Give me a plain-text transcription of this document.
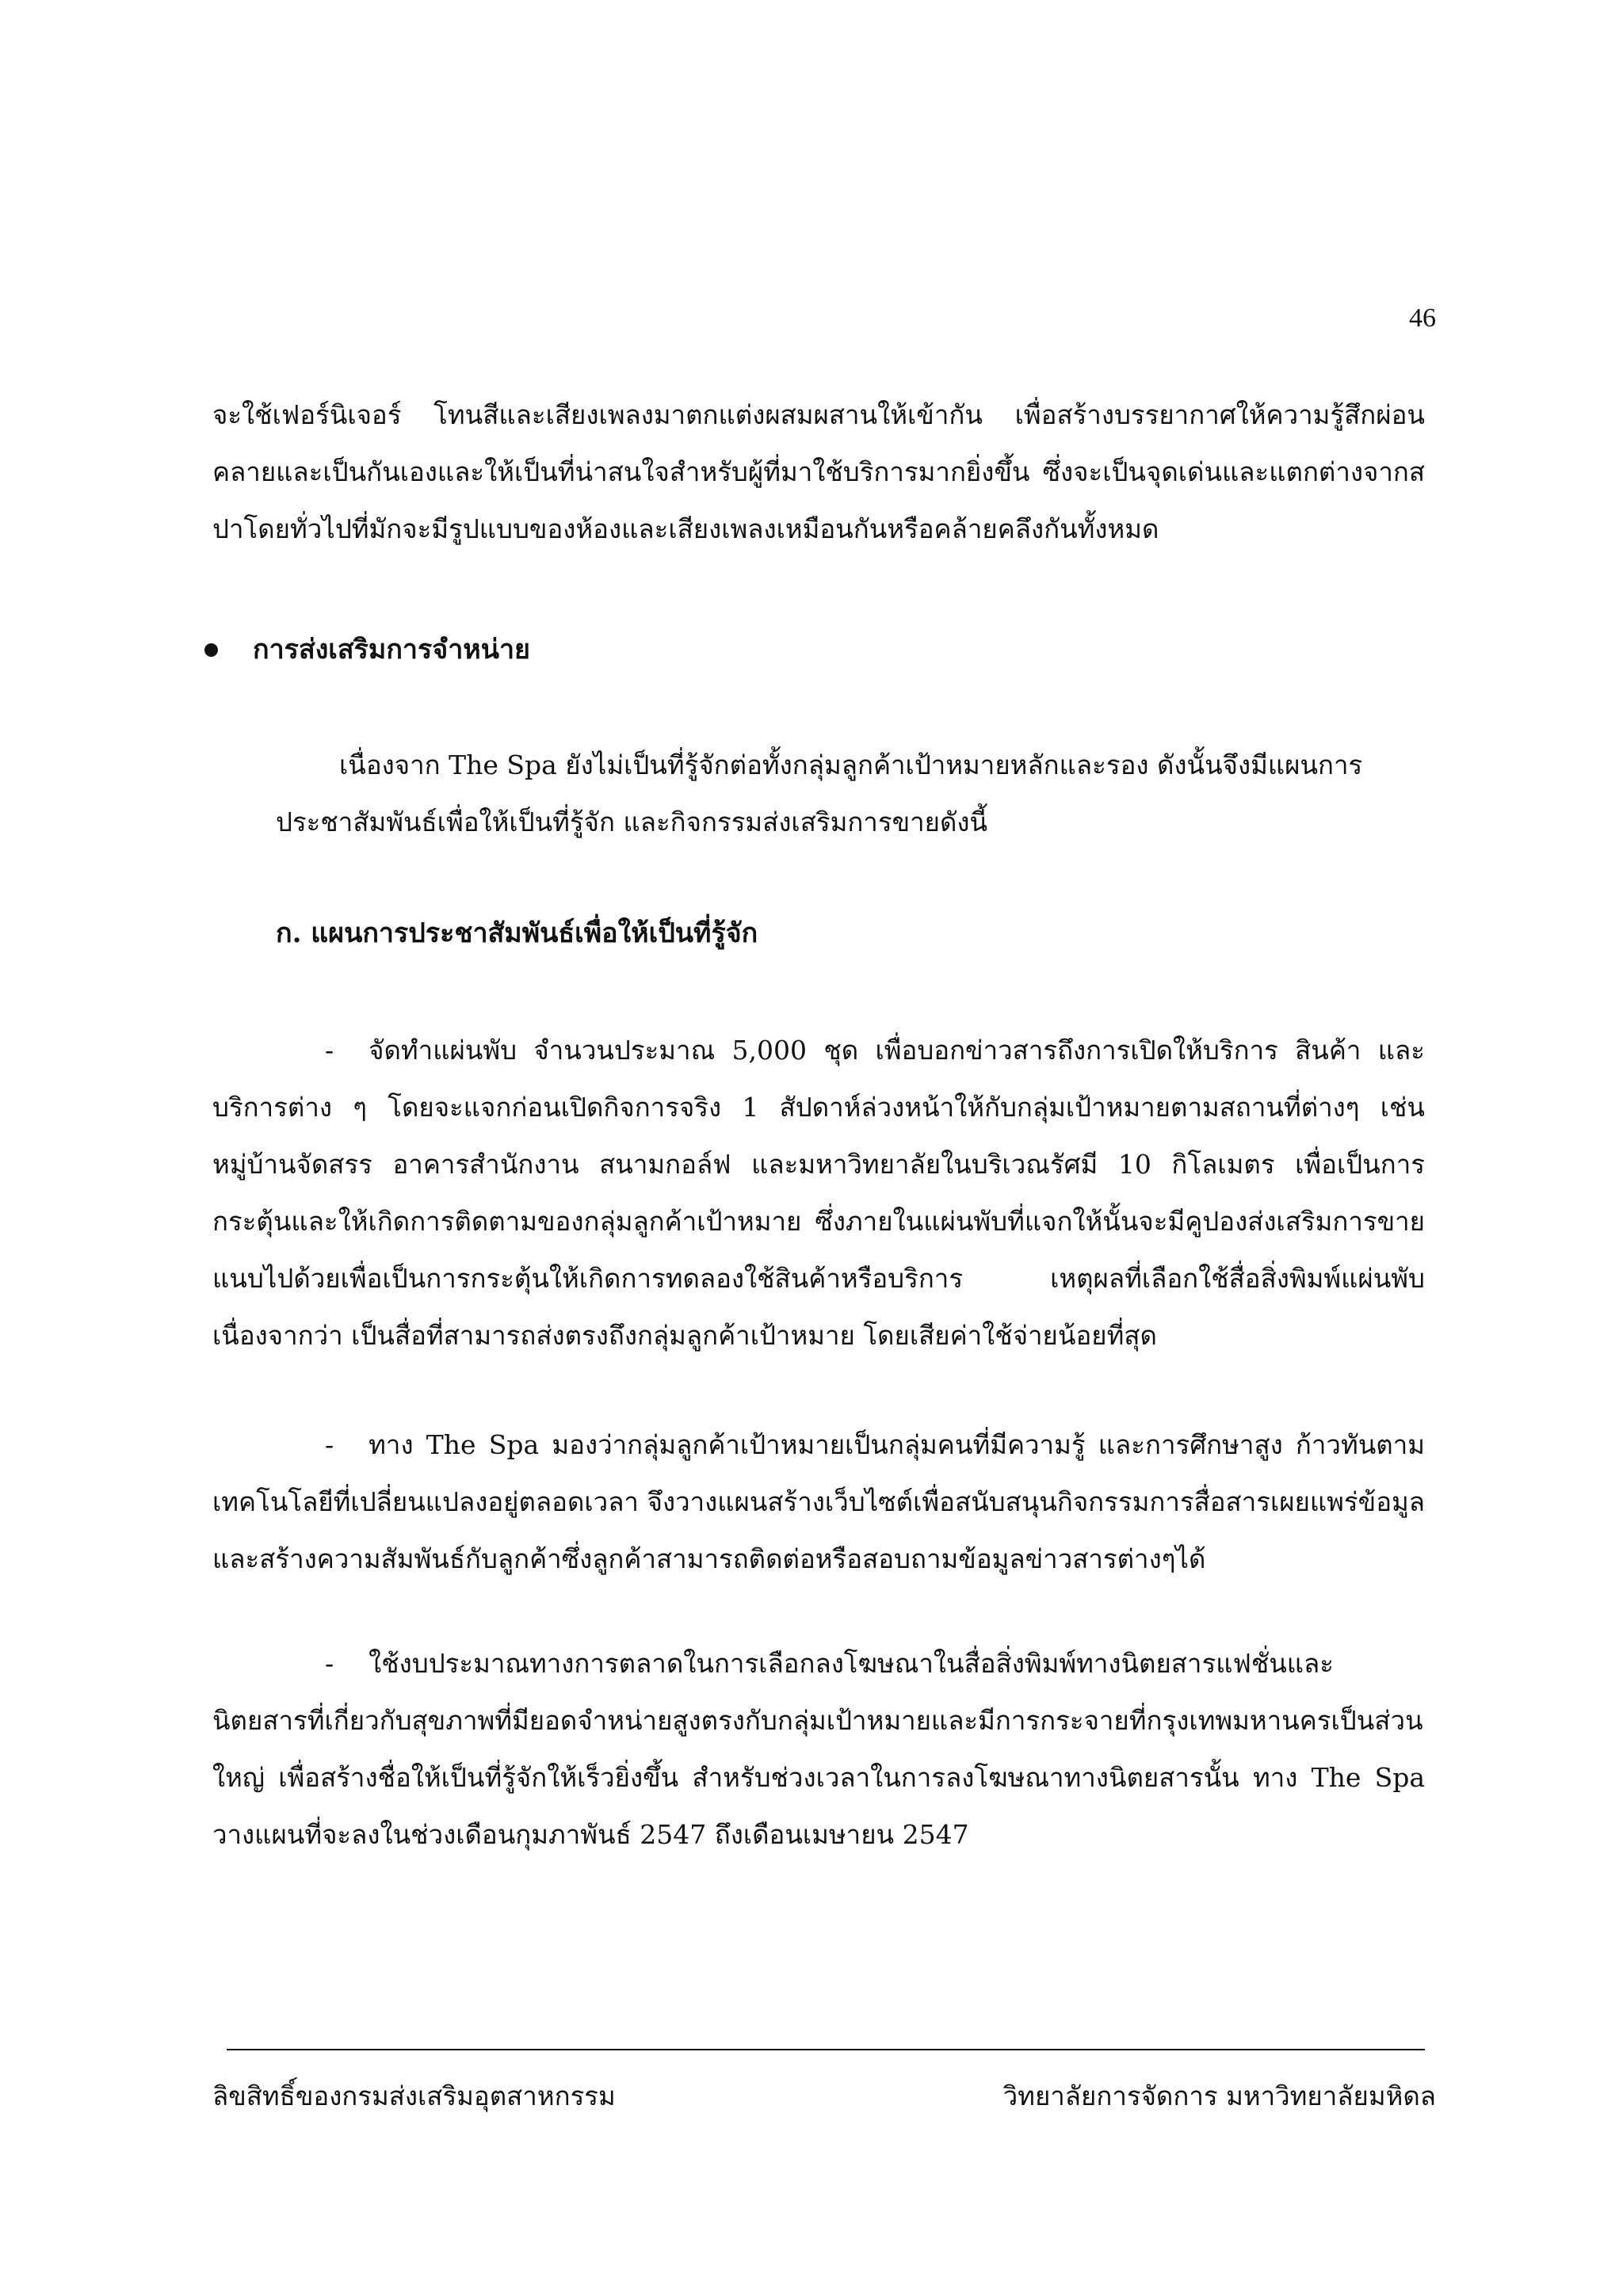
46
จะใช้เฟอร์นิเจอร์ โทนสีและเสียงเพลงมาตกแต่งผสมผสานให้เข้ากัน เพื่อสร้างบรรยากาศให้ความรู้สึกผ่อนคลายและเป็นกันเองและให้เป็นที่น่าสนใจสำหรับผู้ที่มาใช้บริการมากยิ่งขึ้น ซึ่งจะเป็นจุดเด่นและแตกต่างจากสปาโดยทั่วไปที่มักจะมีรูปแบบของห้องและเสียงเพลงเหมือนกันหรือคล้ายคลึงกันทั้งหมด
การส่งเสริมการจำหน่าย
เนื่องจาก The Spa ยังไม่เป็นที่รู้จักต่อทั้งกลุ่มลูกค้าเป้าหมายหลักและรอง ดังนั้นจึงมีแผนการประชาสัมพันธ์เพื่อให้เป็นที่รู้จัก และกิจกรรมส่งเสริมการขายดังนี้
ก. แผนการประชาสัมพันธ์เพื่อให้เป็นที่รู้จัก
- จัดทำแผ่นพับ จำนวนประมาณ 5,000 ชุด เพื่อบอกข่าวสารถึงการเปิดให้บริการ สินค้า และบริการต่าง ๆ โดยจะแจกก่อนเปิดกิจการจริง 1 สัปดาห์ล่วงหน้าให้กับกลุ่มเป้าหมายตามสถานที่ต่างๆ เช่น หมู่บ้านจัดสรร อาคารสำนักงาน สนามกอล์ฟ และมหาวิทยาลัยในบริเวณรัศมี 10 กิโลเมตร เพื่อเป็นการกระตุ้นและให้เกิดการติดตามของกลุ่มลูกค้าเป้าหมาย ซึ่งภายในแผ่นพับที่แจกให้นั้นจะมีคูปองส่งเสริมการขายแนบไปด้วยเพื่อเป็นการกระตุ้นให้เกิดการทดลองใช้สินค้าหรือบริการ เหตุผลที่เลือกใช้สื่อสิ่งพิมพ์แผ่นพับเนื่องจากว่า เป็นสื่อที่สามารถส่งตรงถึงกลุ่มลูกค้าเป้าหมาย โดยเสียค่าใช้จ่ายน้อยที่สุด
- ทาง The Spa มองว่ากลุ่มลูกค้าเป้าหมายเป็นกลุ่มคนที่มีความรู้ และการศึกษาสูง ก้าวทันตามเทคโนโลยีที่เปลี่ยนแปลงอยู่ตลอดเวลา จึงวางแผนสร้างเว็บไซต์เพื่อสนับสนุนกิจกรรมการสื่อสารเผยแพร่ข้อมูลและสร้างความสัมพันธ์กับลูกค้าซึ่งลูกค้าสามารถติดต่อหรือสอบถามข้อมูลข่าวสารต่างๆได้
- ใช้งบประมาณทางการตลาดในการเลือกลงโฆษณาในสื่อสิ่งพิมพ์ทางนิตยสารแฟชั่นและนิตยสารที่เกี่ยวกับสุขภาพที่มียอดจำหน่ายสูงตรงกับกลุ่มเป้าหมายและมีการกระจายที่กรุงเทพมหานครเป็นส่วนใหญ่ เพื่อสร้างชื่อให้เป็นที่รู้จักให้เร็วยิ่งขึ้น สำหรับช่วงเวลาในการลงโฆษณาทางนิตยสารนั้น ทาง The Spa วางแผนที่จะลงในช่วงเดือนกุมภาพันธ์ 2547 ถึงเดือนเมษายน 2547
ลิขสิทธิ์ของกรมส่งเสริมอุตสาหกรรม	วิทยาลัยการจัดการ มหาวิทยาลัยมหิดล
